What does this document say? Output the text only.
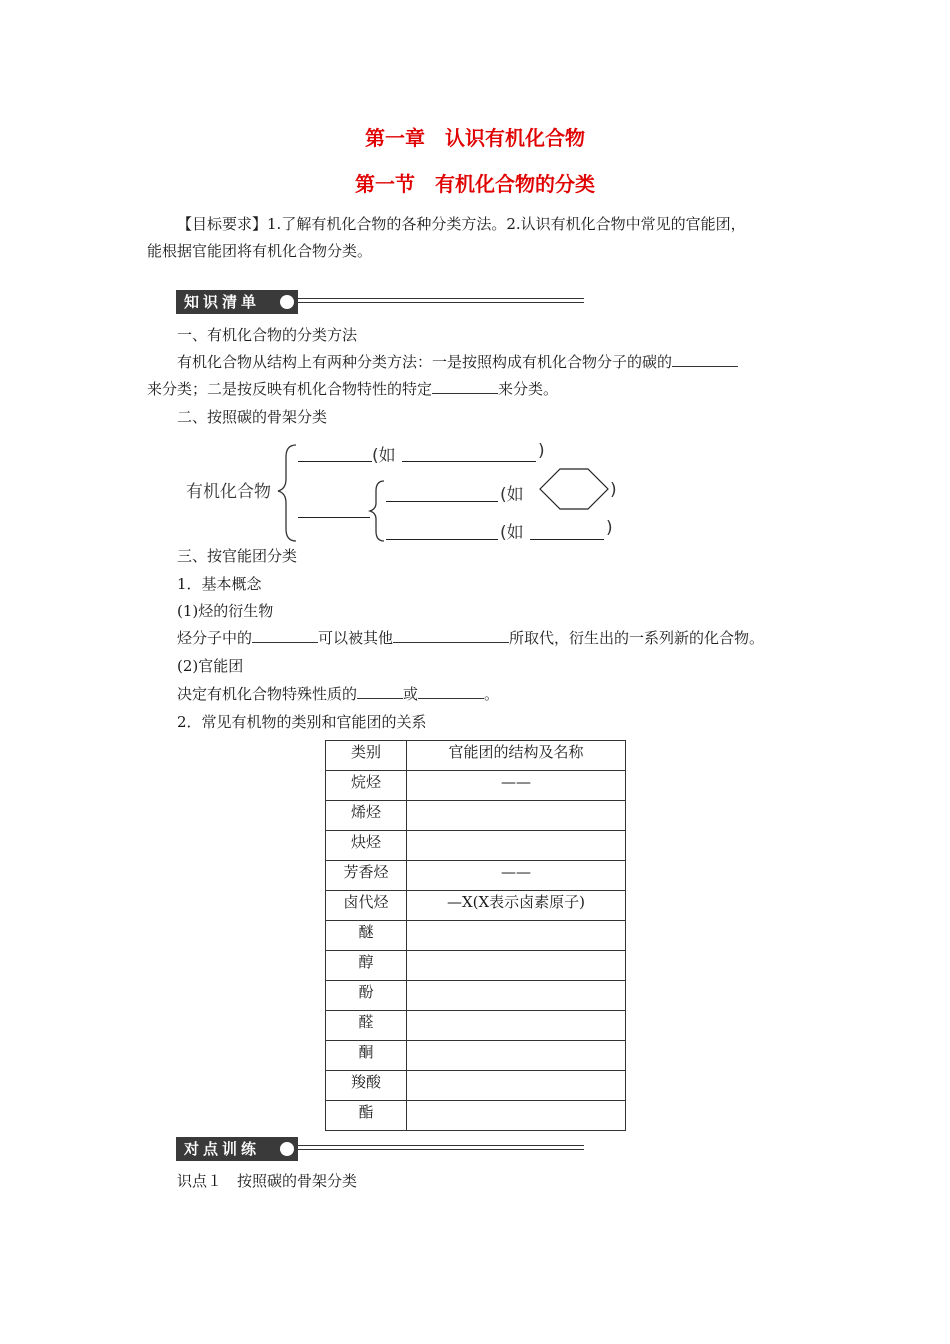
第一章　认识有机化合物
第一节　有机化合物的分类
【目标要求】1.了解有机化合物的各种分类方法。2.认识有机化合物中常见的官能团，
能根据官能团将有机化合物分类。
知识清单
一、有机化合物的分类方法
有机化合物从结构上有两种分类方法：一是按照构成有机化合物分子的碳的
来分类；二是按反映有机化合物特性的特定	来分类。
二、按照碳的骨架分类
有机化合物
(如	)
(如	)
(如	)
三、按官能团分类
1．基本概念
(1)烃的衍生物
烃分子中的	可以被其他	所取代，衍生出的一系列新的化合物。
(2)官能团
决定有机化合物特殊性质的	或	。
2．常见有机物的类别和官能团的关系
类别	官能团的结构及名称
烷烃	——
烯烃	
炔烃	
芳香烃	——
卤代烃	—X(X表示卤素原子)
醚	
醇	
酚	
醛	
酮	
羧酸	
酯	
对点训练
识点１　按照碳的骨架分类
